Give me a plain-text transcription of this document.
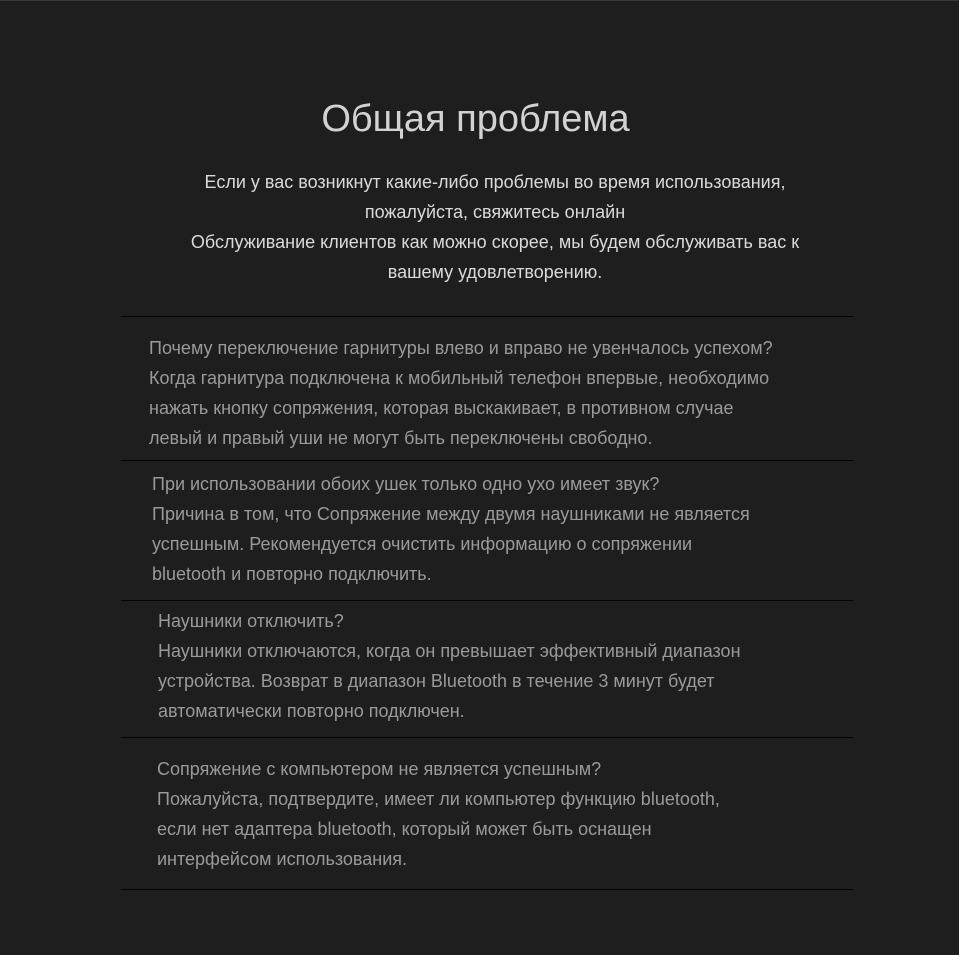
Общая проблема
Если у вас возникнут какие-либо проблемы во время использования,
пожалуйста, свяжитесь онлайн
Обслуживание клиентов как можно скорее, мы будем обслуживать вас к
вашему удовлетворению.
Почему переключение гарнитуры влево и вправо не увенчалось успехом?
Когда гарнитура подключена к мобильный телефон впервые, необходимо
нажать кнопку сопряжения, которая выскакивает, в противном случае
левый и правый уши не могут быть переключены свободно.
При использовании обоих ушек только одно ухо имеет звук?
Причина в том, что Сопряжение между двумя наушниками не является
успешным. Рекомендуется очистить информацию о сопряжении
bluetooth и повторно подключить.
Наушники отключить?
Наушники отключаются, когда он превышает эффективный диапазон
устройства. Возврат в диапазон Bluetooth в течение 3 минут будет
автоматически повторно подключен.
Сопряжение с компьютером не является успешным?
Пожалуйста, подтвердите, имеет ли компьютер функцию bluetooth,
если нет адаптера bluetooth, который может быть оснащен
интерфейсом использования.
